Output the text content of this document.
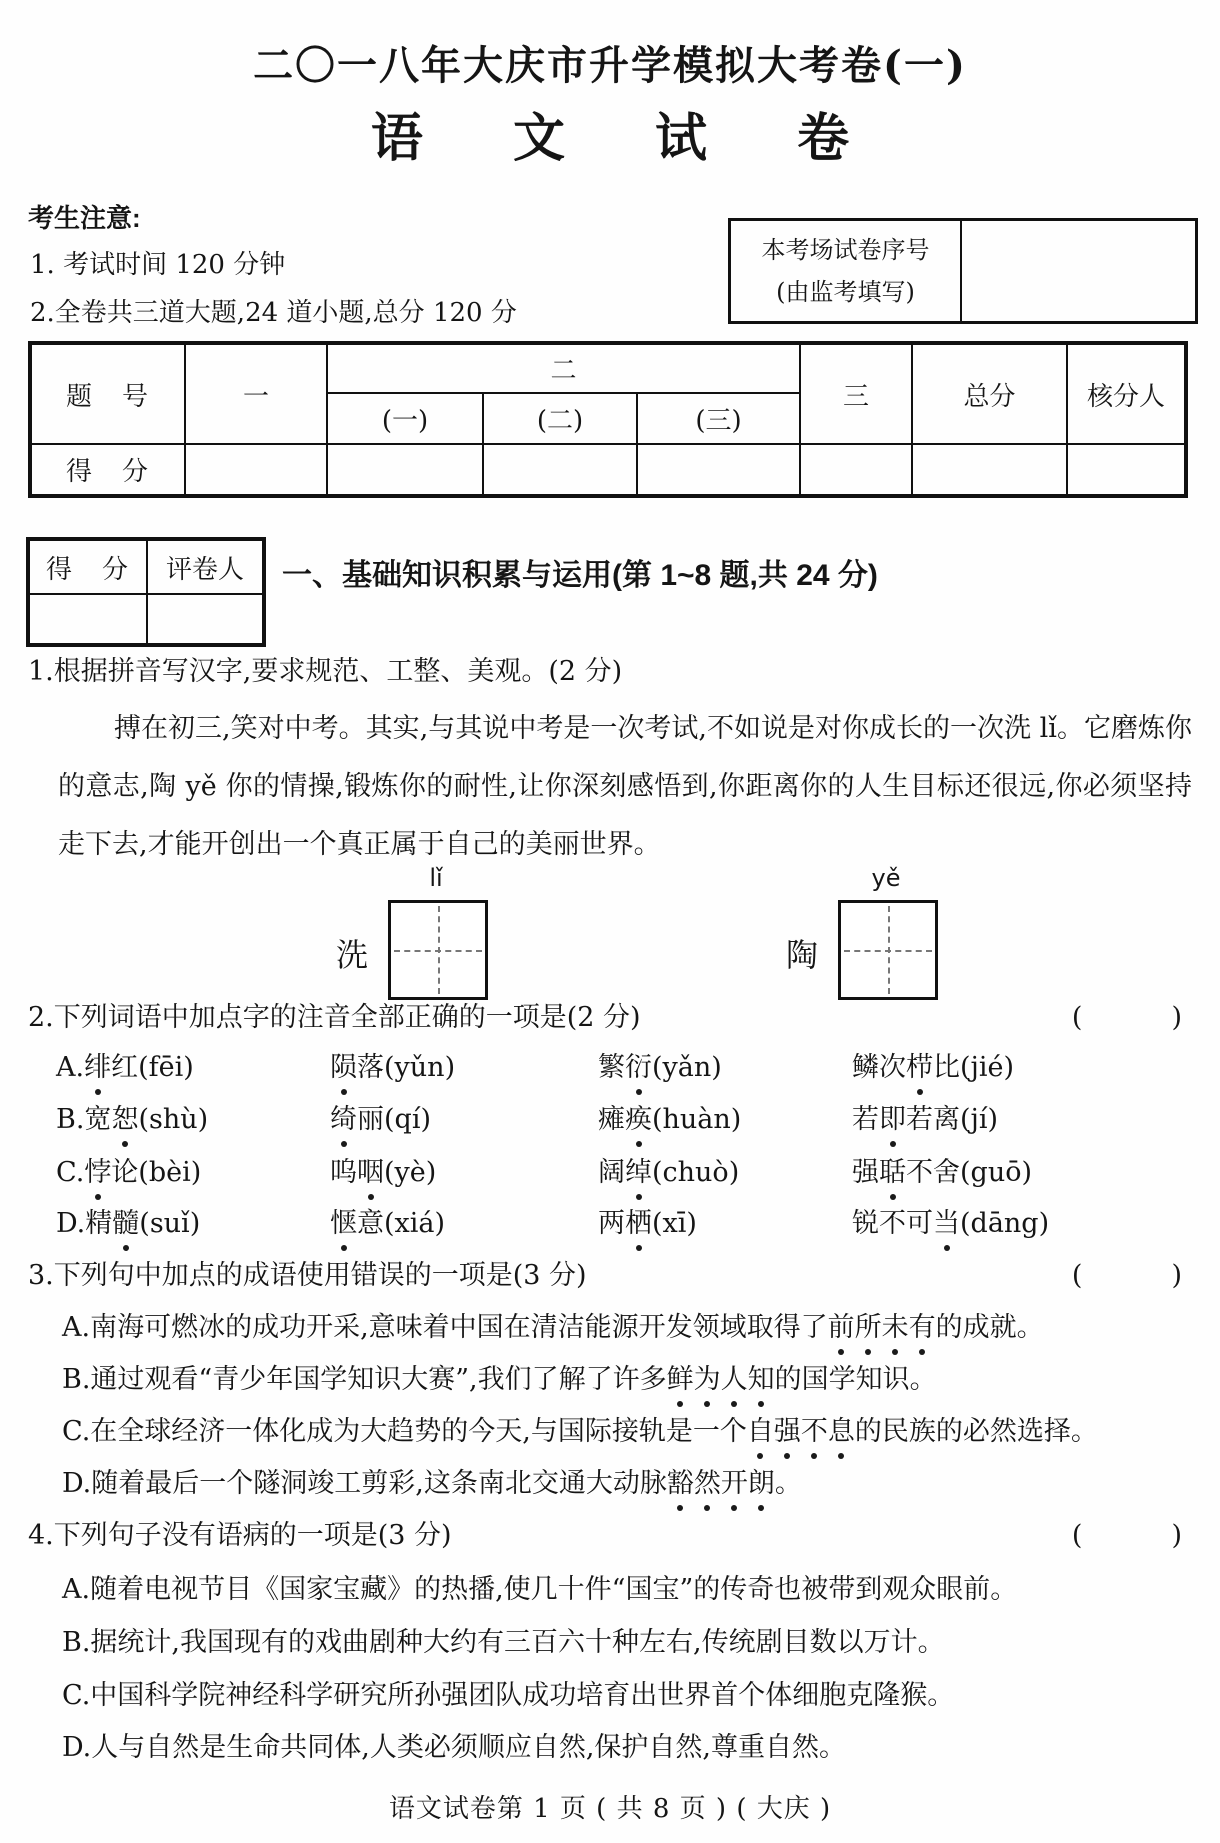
二〇一八年大庆市升学模拟大考卷(一)
语 文 试 卷
考生注意:
1. 考试时间 120 分钟
2.全卷共三道大题,24 道小题,总分 120 分
本考场试卷序号
(由监考填写)
题　号	一	二			三	总分	核分人
		(一)	(二)	(三)			
得　分							
得　分	评卷人
	一、基础知识积累与运用(第 1~8 题,共 24 分)
1.根据拼音写汉字,要求规范、工整、美观。(2 分)
搏在初三,笑对中考。其实,与其说中考是一次考试,不如说是对你成长的一次洗 lǐ。它磨炼你的意志,陶 yě 你的情操,锻炼你的耐性,让你深刻感悟到,你距离你的人生目标还很远,你必须坚持走下去,才能开创出一个真正属于自己的美丽世界。
lǐ	yě
洗	陶
2.下列词语中加点字的注音全部正确的一项是(2 分)	(　　　)
A.绯红(fēi)	陨落(yǔn)	繁衍(yǎn)	鳞次栉比(jié)
B.宽恕(shù)	绮丽(qí)	瘫痪(huàn)	若即若离(jí)
C.悖论(bèi)	呜咽(yè)	阔绰(chuò)	强聒不舍(guō)
D.精髓(suǐ)	惬意(xiá)	两栖(xī)	锐不可当(dāng)
3.下列句中加点的成语使用错误的一项是(3 分)	(　　　)
A.南海可燃冰的成功开采,意味着中国在清洁能源开发领域取得了前所未有的成就。
B.通过观看“青少年国学知识大赛”,我们了解了许多鲜为人知的国学知识。
C.在全球经济一体化成为大趋势的今天,与国际接轨是一个自强不息的民族的必然选择。
D.随着最后一个隧洞竣工剪彩,这条南北交通大动脉豁然开朗。
4.下列句子没有语病的一项是(3 分)	(　　　)
A.随着电视节目《国家宝藏》的热播,使几十件“国宝”的传奇也被带到观众眼前。
B.据统计,我国现有的戏曲剧种大约有三百六十种左右,传统剧目数以万计。
C.中国科学院神经科学研究所孙强团队成功培育出世界首个体细胞克隆猴。
D.人与自然是生命共同体,人类必须顺应自然,保护自然,尊重自然。
语文试卷第 1 页 ( 共 8 页 ) ( 大庆 )
